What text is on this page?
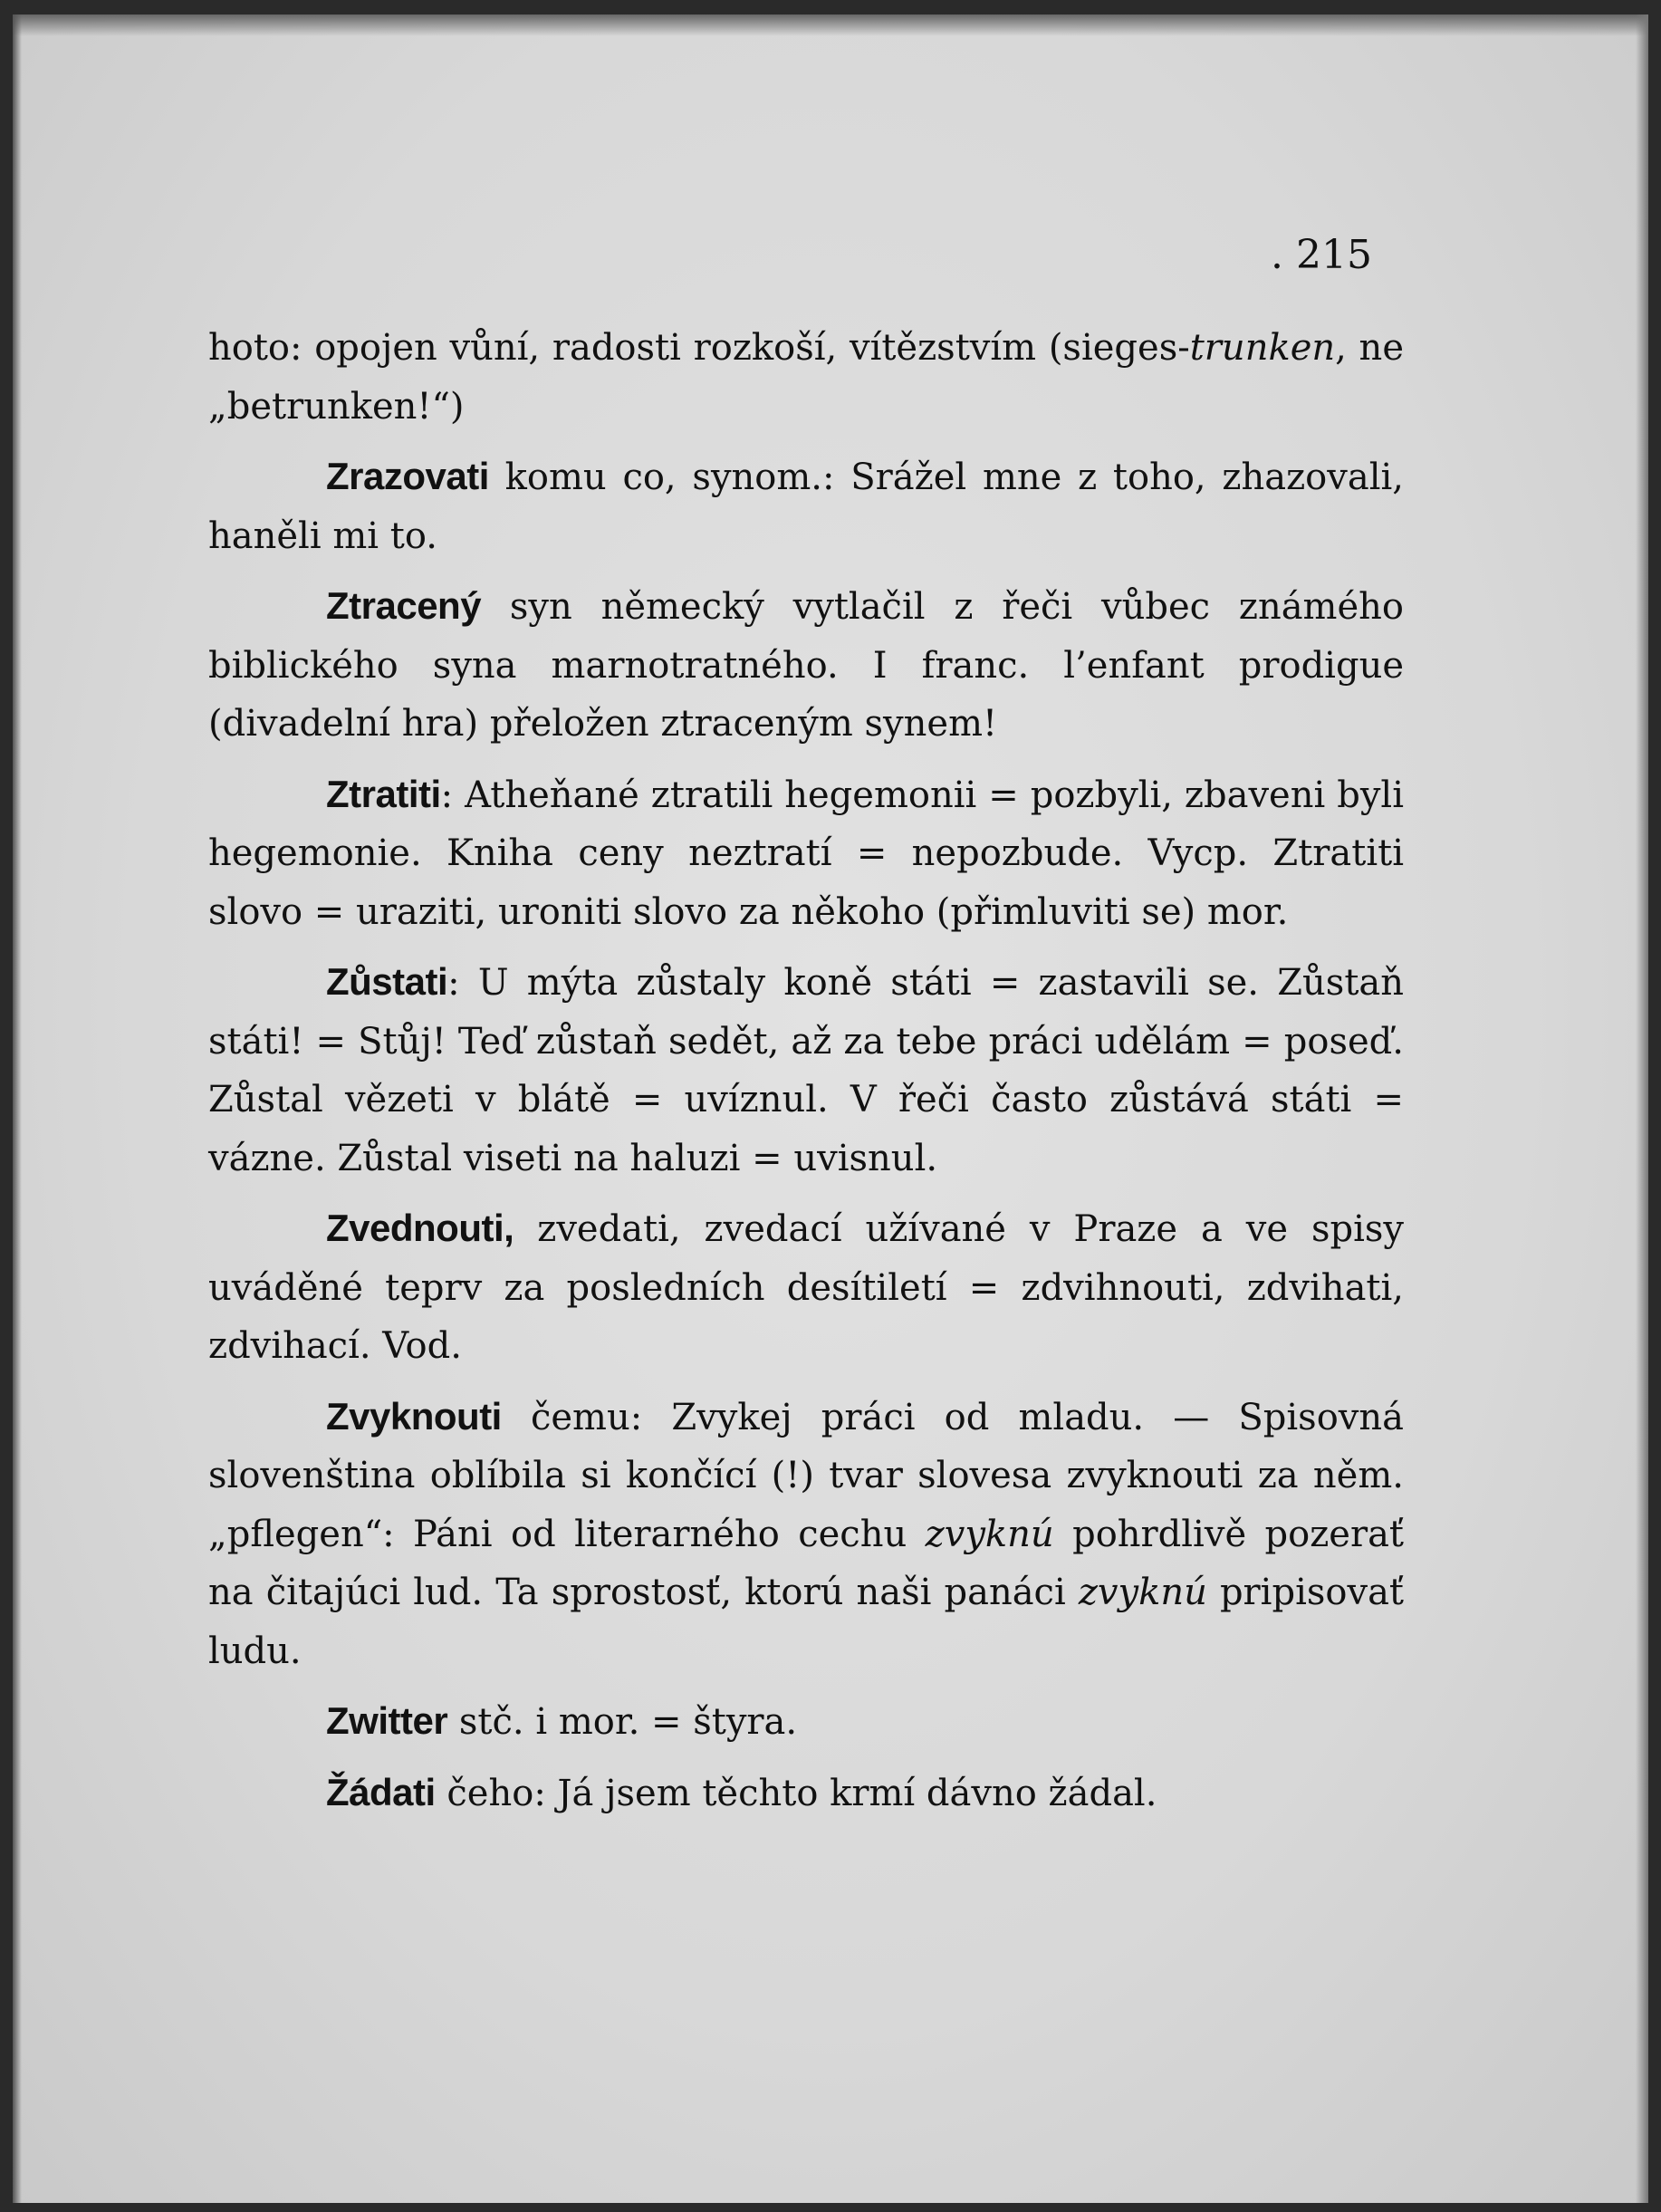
. 215

hoto: opojen vůní, radosti rozkoší, vítězstvím (sieges-trunken, ne „betrunken!“)

Zrazovati komu co, synom.: Srážel mne z toho, zhazovali, haněli mi to.

Ztracený syn německý vytlačil z řeči vůbec známého biblického syna marnotratného. I franc. l’enfant prodigue (divadelní hra) přeložen ztraceným synem!

Ztratiti: Atheňané ztratili hegemonii = pozbyli, zbaveni byli hegemonie. Kniha ceny neztratí = nepozbude. Vycp. Ztratiti slovo = uraziti, uroniti slovo za někoho (přimluviti se) mor.

Zůstati: U mýta zůstaly koně státi = zastavili se. Zůstaň státi! = Stůj! Teď zůstaň sedět, až za tebe práci udělám = poseď. Zůstal vězeti v blátě = uvíznul. V řeči často zůstává státi = vázne. Zůstal viseti na haluzi = uvisnul.

Zvednouti, zvedati, zvedací užívané v Praze a ve spisy uváděné teprv za posledních desítiletí = zdvihnouti, zdvihati, zdvihací. Vod.

Zvyknouti čemu: Zvykej práci od mladu. — Spisovná slovenština oblíbila si končící (!) tvar slovesa zvyknouti za něm. „pflegen“: Páni od literarného cechu zvyknú pohrdlivě pozerať na čitajúci lud. Ta sprostosť, ktorú naši panáci zvyknú pripisovať ludu.

Zwitter stč. i mor. = štyra.

Žádati čeho: Já jsem těchto krmí dávno žádal.
